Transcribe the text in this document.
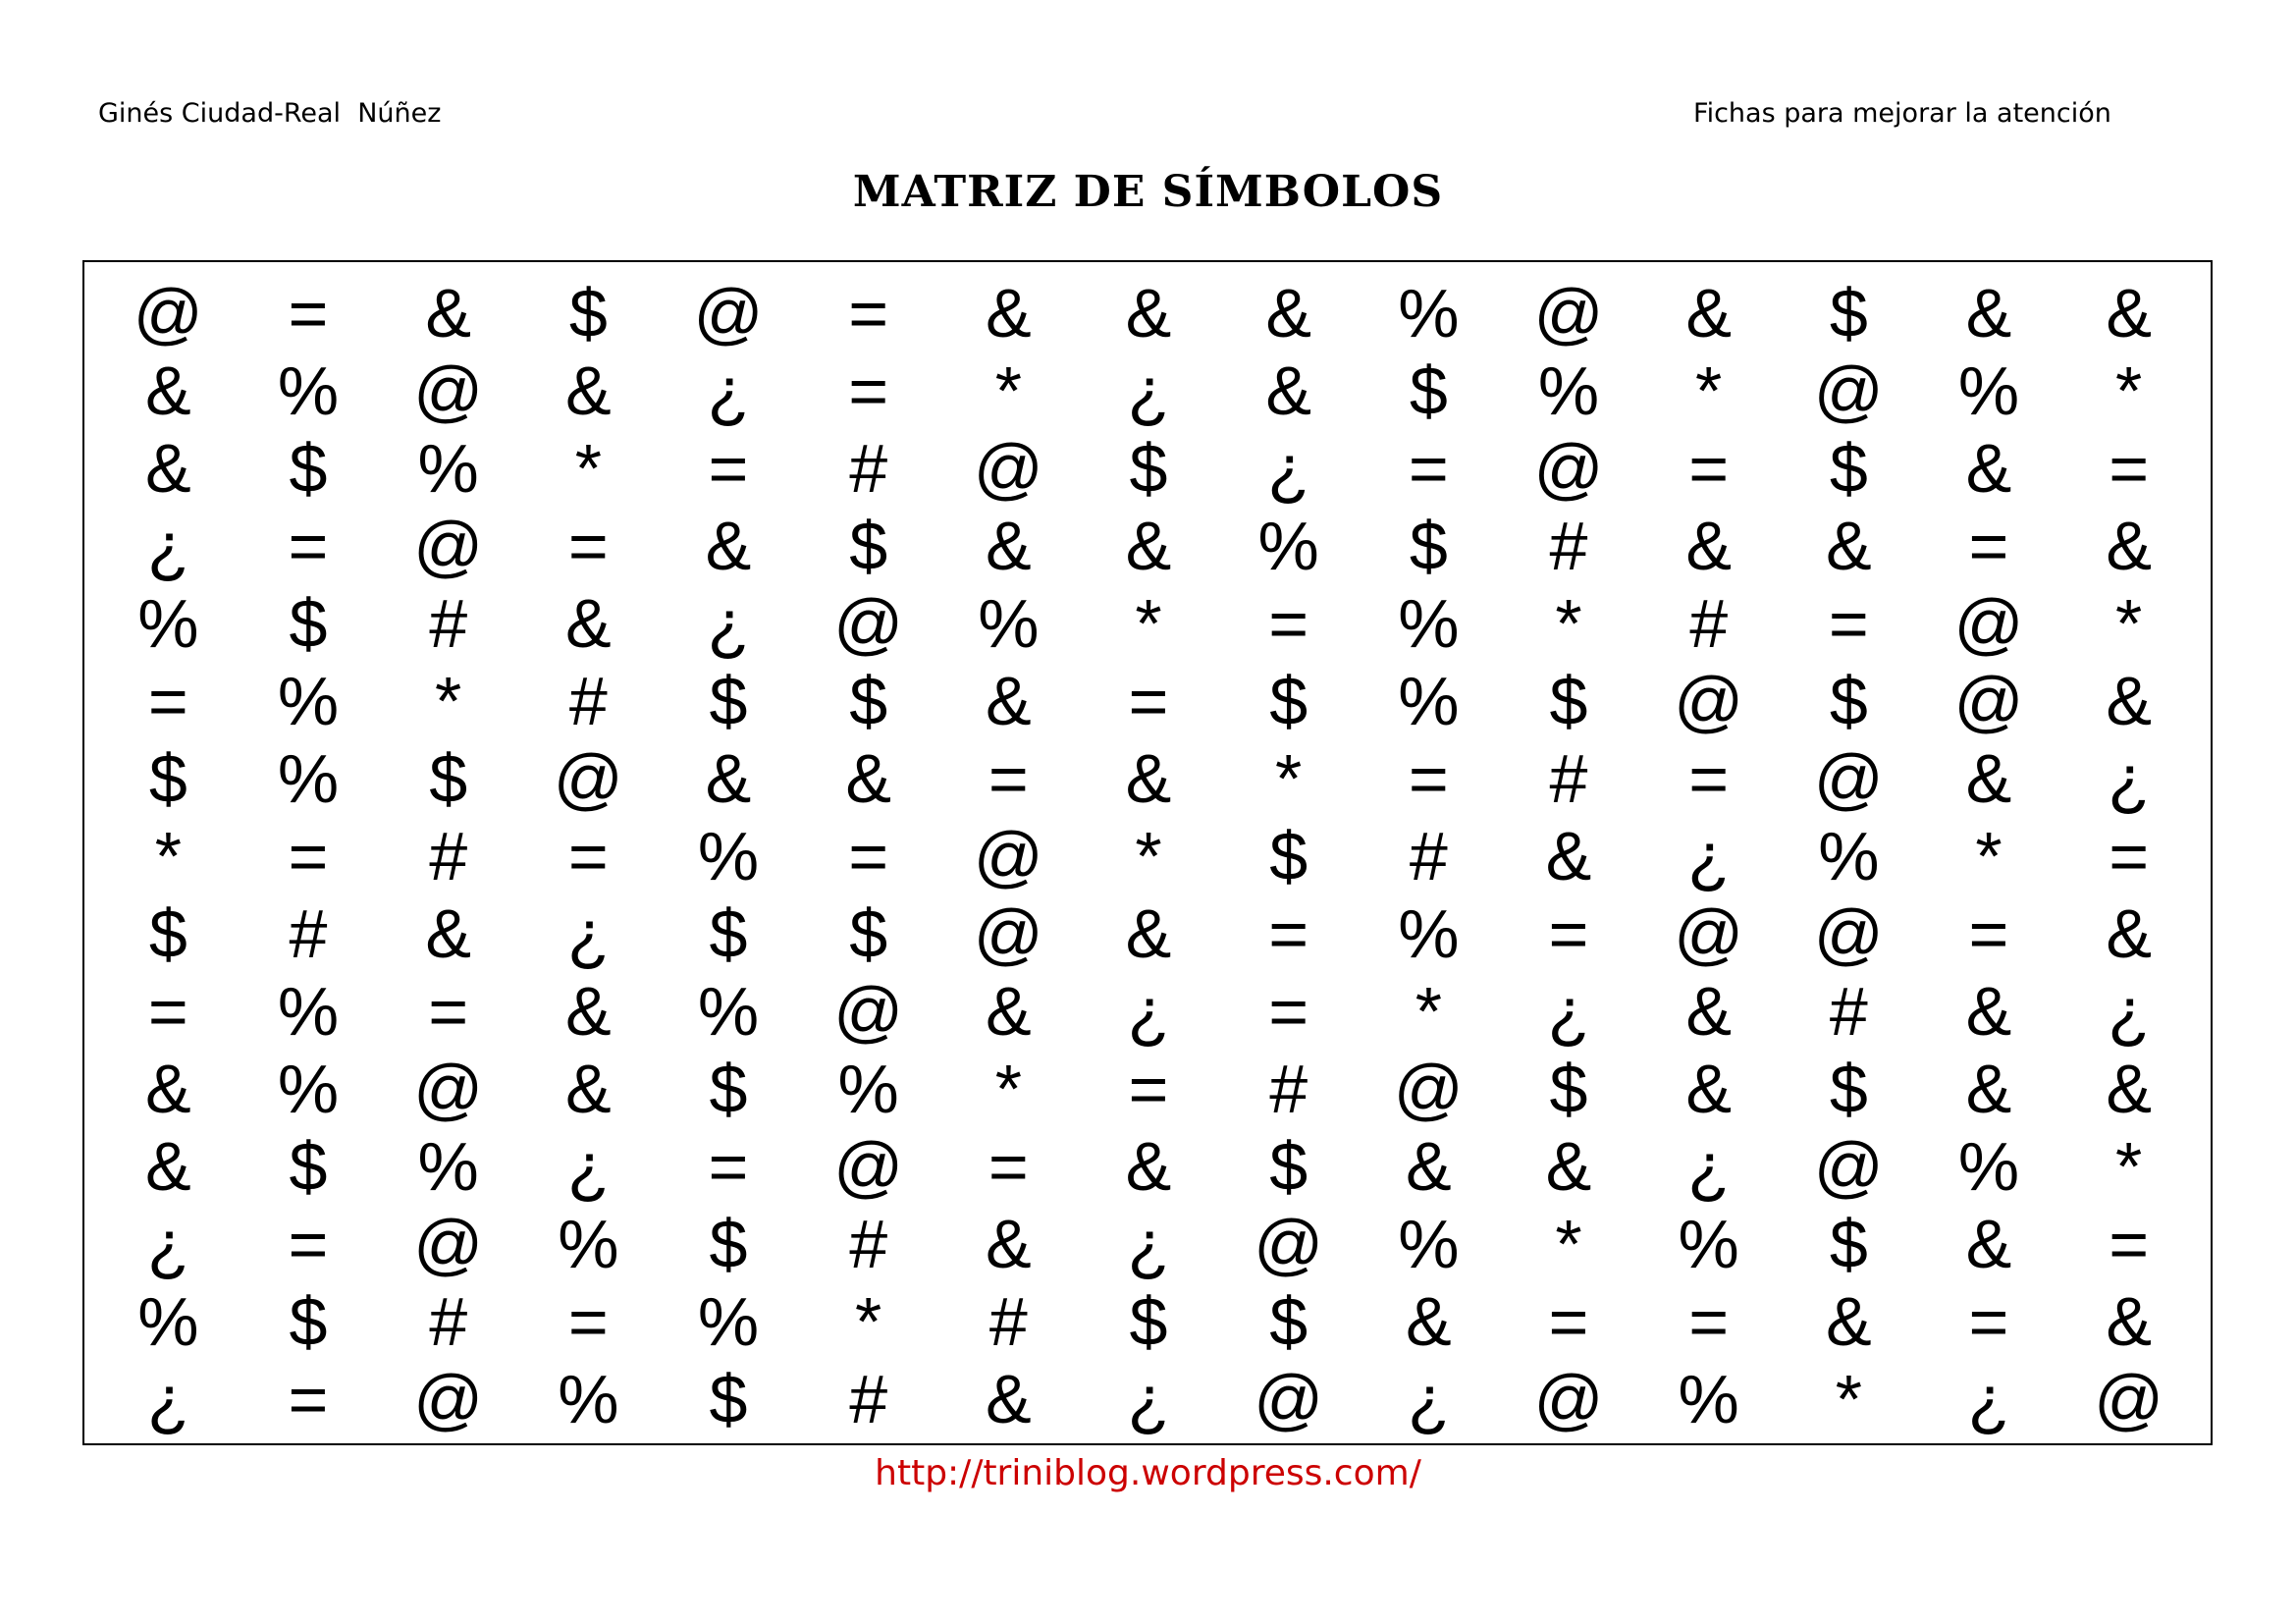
Ginés Ciudad-Real  Núñez	Fichas para mejorar la atención
MATRIZ DE SÍMBOLOS
@	=	&	$	@	=	&	&	&	%	@	&	$	&	&
&	%	@	&	¿	=	*	¿	&	$	%	*	@	%	*
&	$	%	*	=	#	@	$	¿	=	@	=	$	&	=
¿	=	@	=	&	$	&	&	%	$	#	&	&	=	&
%	$	#	&	¿	@	%	*	=	%	*	#	=	@	*
=	%	*	#	$	$	&	=	$	%	$	@	$	@	&
$	%	$	@	&	&	=	&	*	=	#	=	@	&	¿
*	=	#	=	%	=	@	*	$	#	&	¿	%	*	=
$	#	&	¿	$	$	@	&	=	%	=	@	@	=	&
=	%	=	&	%	@	&	¿	=	*	¿	&	#	&	¿
&	%	@	&	$	%	*	=	#	@	$	&	$	&	&
&	$	%	¿	=	@	=	&	$	&	&	¿	@	%	*
¿	=	@	%	$	#	&	¿	@	%	*	%	$	&	=
%	$	#	=	%	*	#	$	$	&	=	=	&	=	&
¿	=	@	%	$	#	&	¿	@	¿	@	%	*	¿	@
http://triniblog.wordpress.com/
